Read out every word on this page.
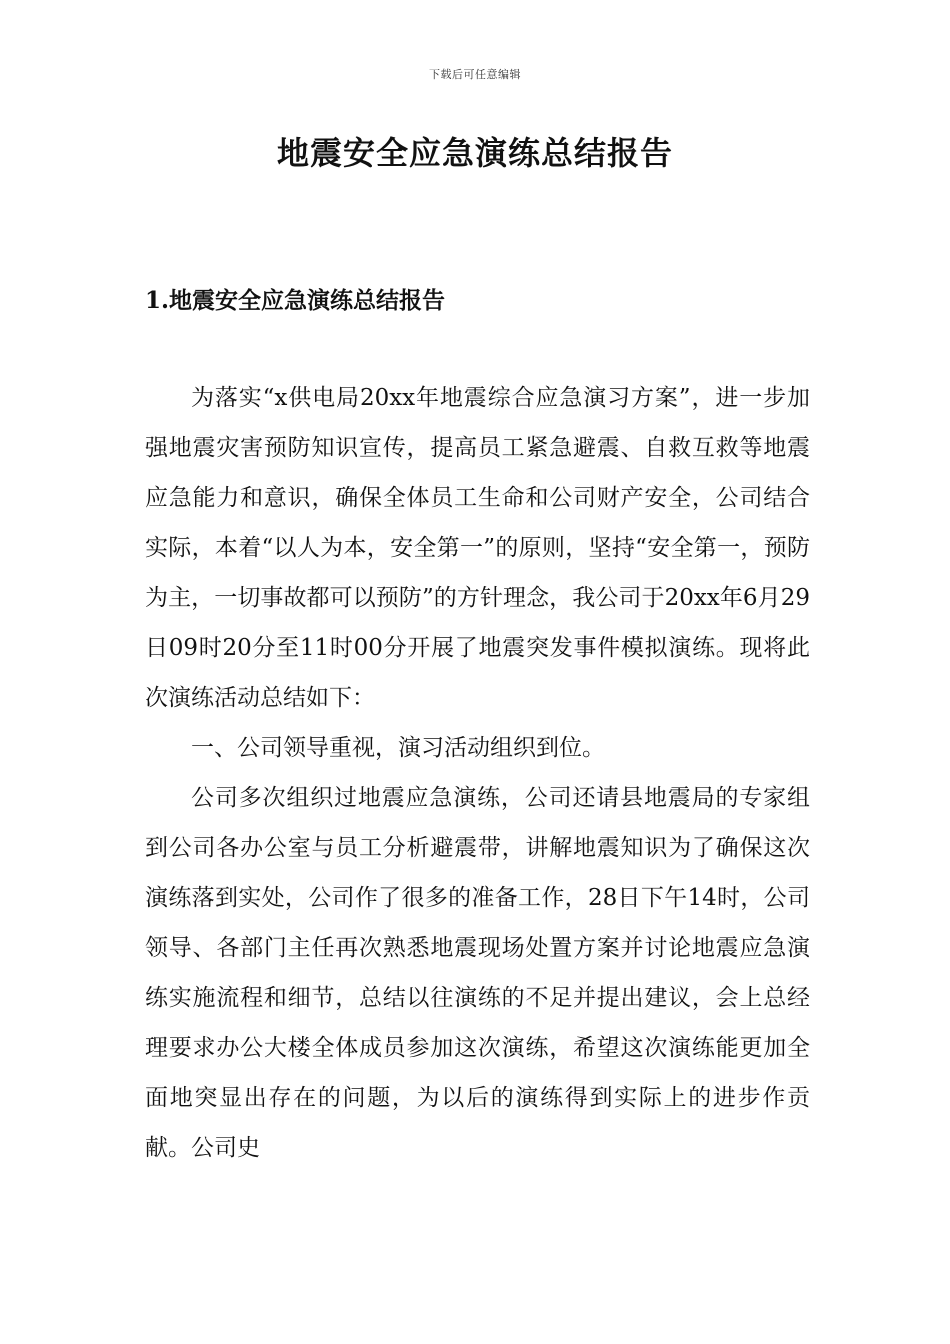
下载后可任意编辑
地震安全应急演练总结报告
1.地震安全应急演练总结报告

为落实“x供电局20xx年地震综合应急演习方案”，进一步加强地震灾害预防知识宣传，提高员工紧急避震、自救互救等地震应急能力和意识，确保全体员工生命和公司财产安全，公司结合实际，本着“以人为本，安全第一”的原则，坚持“安全第一，预防为主，一切事故都可以预防”的方针理念，我公司于20xx年6月29日09时20分至11时00分开展了地震突发事件模拟演练。现将此次演练活动总结如下：

一、公司领导重视，演习活动组织到位。

公司多次组织过地震应急演练，公司还请县地震局的专家组到公司各办公室与员工分析避震带，讲解地震知识为了确保这次演练落到实处，公司作了很多的准备工作，28日下午14时，公司领导、各部门主任再次熟悉地震现场处置方案并讨论地震应急演练实施流程和细节，总结以往演练的不足并提出建议，会上总经理要求办公大楼全体成员参加这次演练，希望这次演练能更加全面地突显出存在的问题，为以后的演练得到实际上的进步作贡献。公司史
